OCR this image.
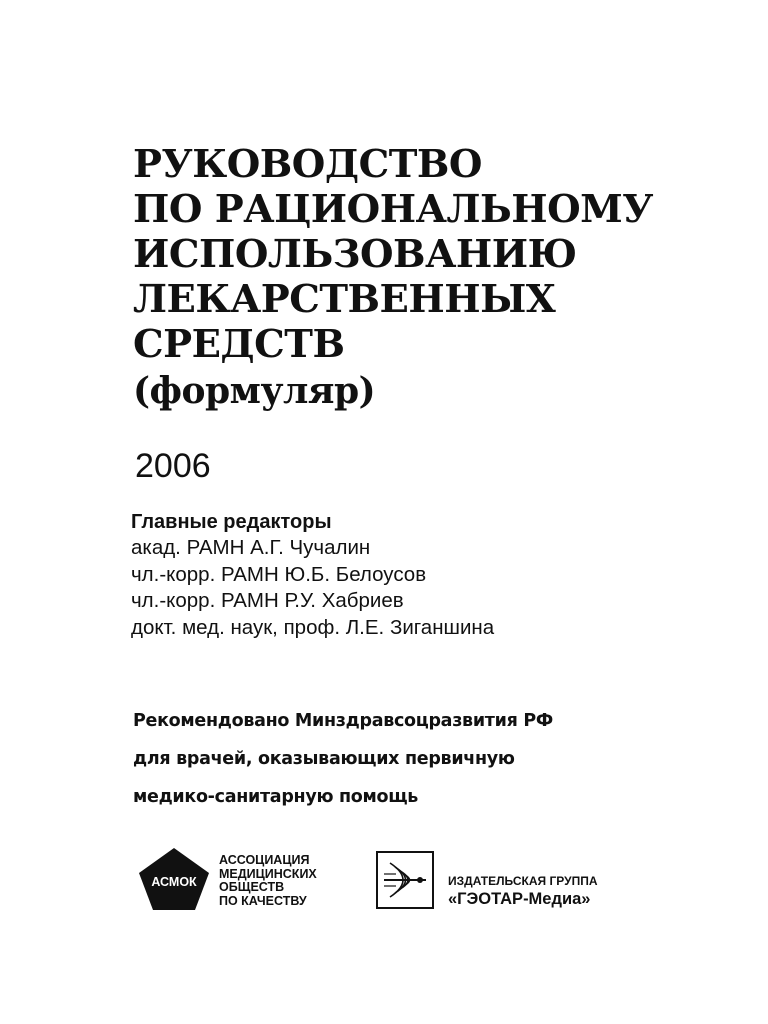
РУКОВОДСТВО
ПО РАЦИОНАЛЬНОМУ
ИСПОЛЬЗОВАНИЮ
ЛЕКАРСТВЕННЫХ
СРЕДСТВ
(формуляр)
2006
Главные редакторы
акад. РАМН А.Г. Чучалин
чл.-корр. РАМН Ю.Б. Белоусов
чл.-корр. РАМН Р.У. Хабриев
докт. мед. наук, проф. Л.Е. Зиганшина
Рекомендовано Минздравсоцразвития РФ
для врачей, оказывающих первичную
медико-санитарную помощь
АСМОК
АССОЦИАЦИЯ
МЕДИЦИНСКИХ
ОБЩЕСТВ
ПО КАЧЕСТВУ
ИЗДАТЕЛЬСКАЯ ГРУППА
«ГЭОТАР-Медиа»
